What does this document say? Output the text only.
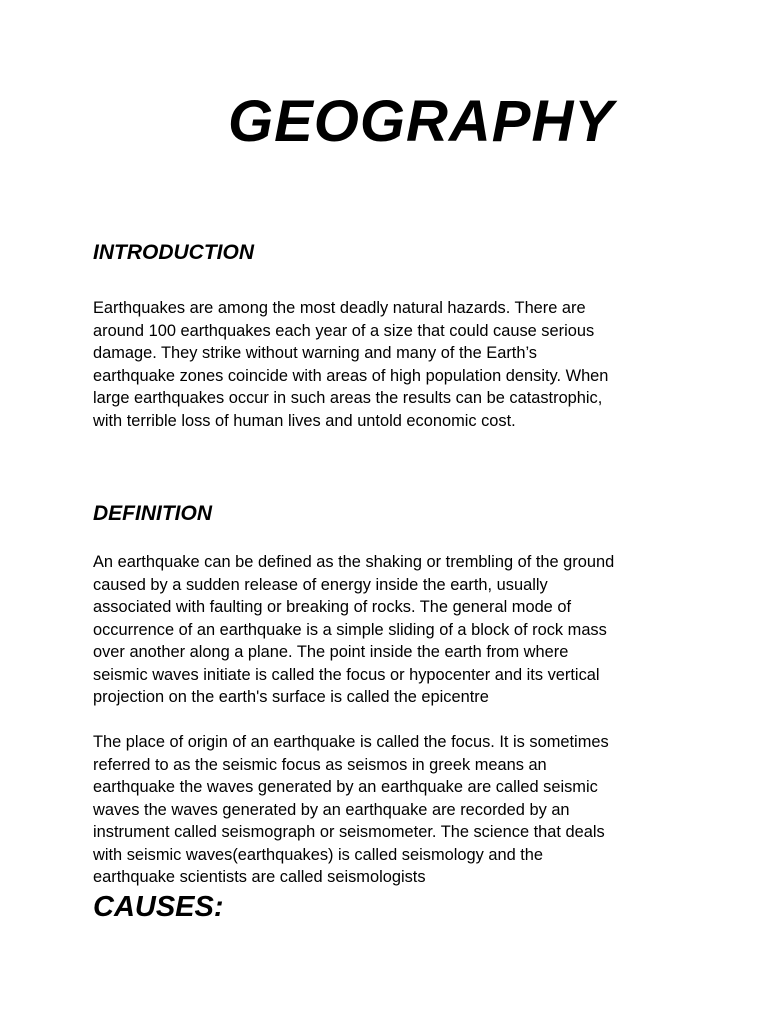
GEOGRAPHY
INTRODUCTION

Earthquakes are among the most deadly natural hazards. There are
around 100 earthquakes each year of a size that could cause serious
damage. They strike without warning and many of the Earth’s
earthquake zones coincide with areas of high population density. When
large earthquakes occur in such areas the results can be catastrophic,
with terrible loss of human lives and untold economic cost.

DEFINITION

An earthquake can be defined as the shaking or trembling of the ground
caused by a sudden release of energy inside the earth, usually
associated with faulting or breaking of rocks. The general mode of
occurrence of an earthquake is a simple sliding of a block of rock mass
over another along a plane. The point inside the earth from where
seismic waves initiate is called the focus or hypocenter and its vertical
projection on the earth's surface is called the epicentre

The place of origin of an earthquake is called the focus. It is sometimes
referred to as the seismic focus as seismos in greek means an
earthquake the waves generated by an earthquake are called seismic
waves the waves generated by an earthquake are recorded by an
instrument called seismograph or seismometer. The science that deals
with seismic waves(earthquakes) is called seismology and the
earthquake scientists are called seismologists

CAUSES:
